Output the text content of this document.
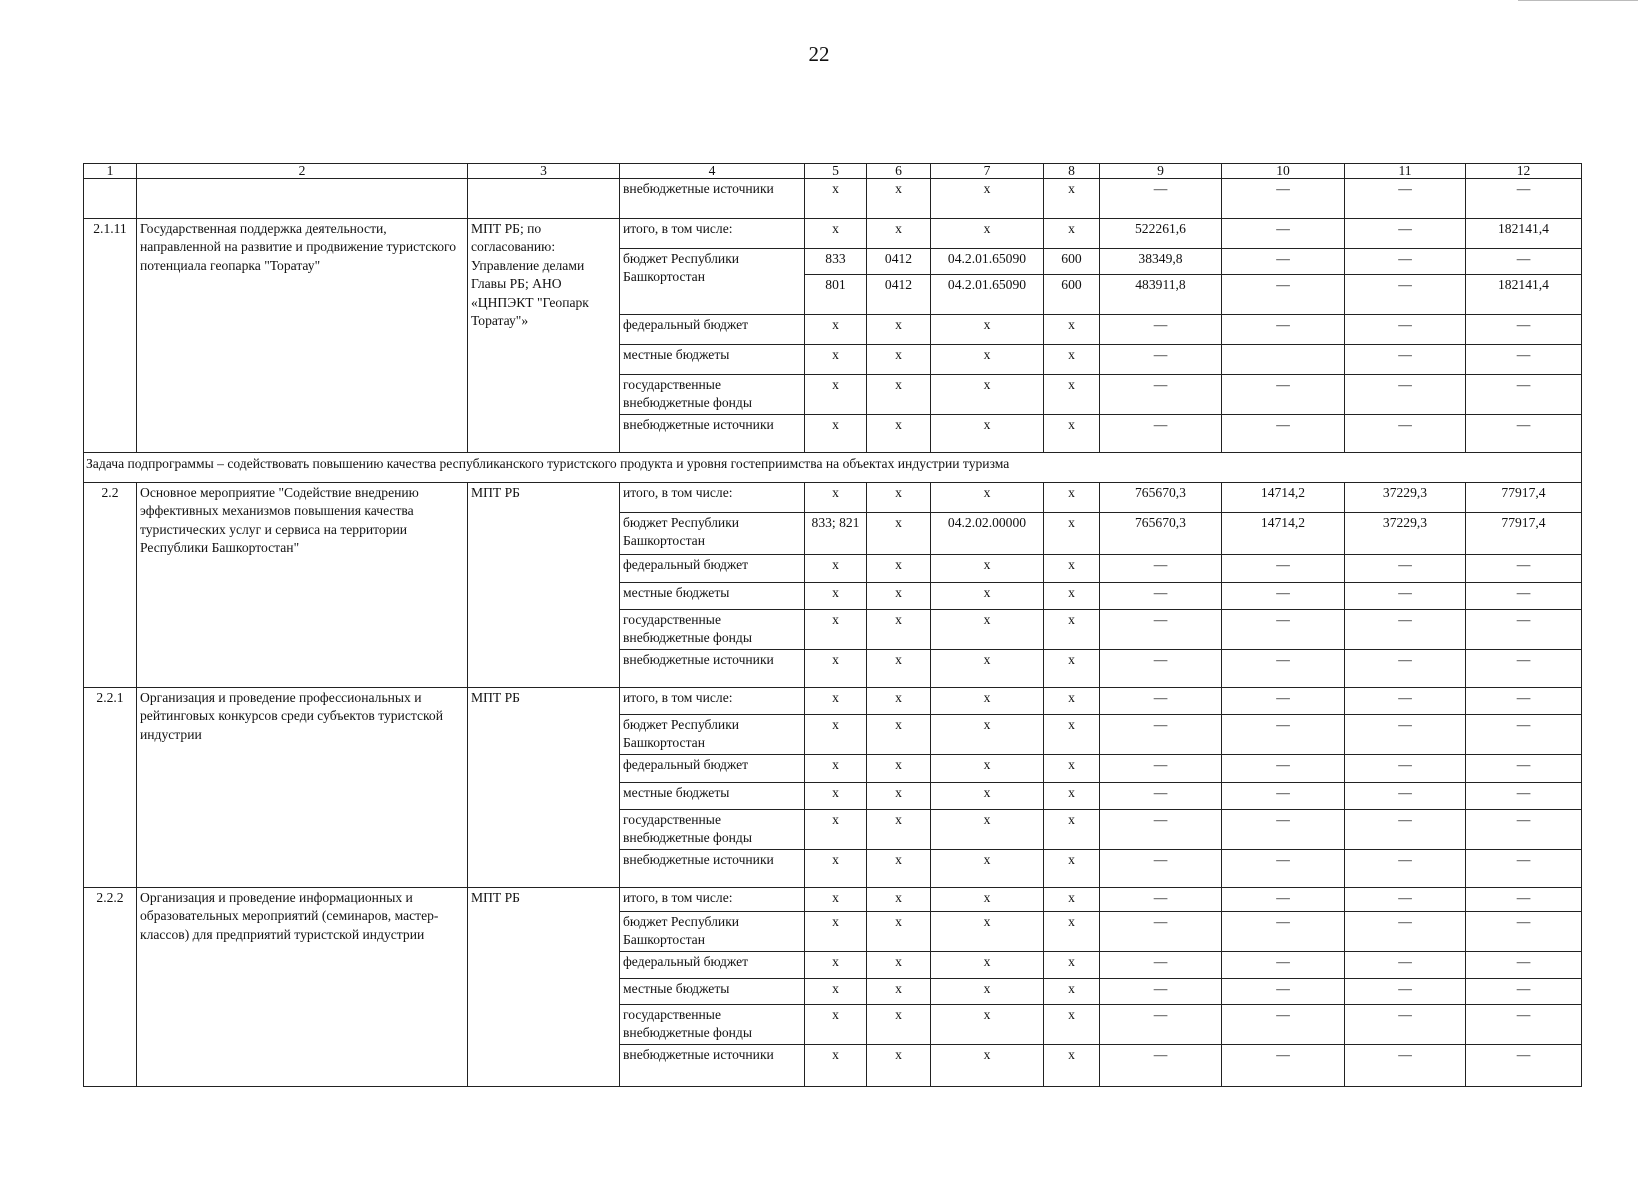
22
1	2	3	4	5	6	7	8	9	10	11	12
			внебюджетные источники	х	х	х	х	—	—	—	—
2.1.11	Государственная поддержка деятельности, направленной на развитие и продвижение туристского потенциала геопарка "Торатау"	МПТ РБ; по согласованию: Управление делами Главы РБ; АНО «ЦНПЭКТ "Геопарк Торатау"»	итого, в том числе:	х	х	х	х	522261,6	—	—	182141,4
			бюджет Республики Башкортостан	833	0412	04.2.01.65090	600	38349,8	—	—	—
				801	0412	04.2.01.65090	600	483911,8	—	—	182141,4
			федеральный бюджет	х	х	х	х	—	—	—	—
			местные бюджеты	х	х	х	х	—		—	—
			государственные внебюджетные фонды	х	х	х	х	—	—	—	—
			внебюджетные источники	х	х	х	х	—	—	—	—
Задача подпрограммы – содействовать повышению качества республиканского туристского продукта и уровня гостеприимства на объектах индустрии туризма											
2.2	Основное мероприятие "Содействие внедрению эффективных механизмов повышения качества туристических услуг и сервиса на территории Республики Башкортостан"	МПТ РБ	итого, в том числе:	х	х	х	х	765670,3	14714,2	37229,3	77917,4
			бюджет Республики Башкортостан	833; 821	х	04.2.02.00000	х	765670,3	14714,2	37229,3	77917,4
			федеральный бюджет	х	х	х	х	—	—	—	—
			местные бюджеты	х	х	х	х	—	—	—	—
			государственные внебюджетные фонды	х	х	х	х	—	—	—	—
			внебюджетные источники	х	х	х	х	—	—	—	—
2.2.1	Организация и проведение профессиональных и рейтинговых конкурсов среди субъектов туристской индустрии	МПТ РБ	итого, в том числе:	х	х	х	х	—	—	—	—
			бюджет Республики Башкортостан	х	х	х	х	—	—	—	—
			федеральный бюджет	х	х	х	х	—	—	—	—
			местные бюджеты	х	х	х	х	—	—	—	—
			государственные внебюджетные фонды	х	х	х	х	—	—	—	—
			внебюджетные источники	х	х	х	х	—	—	—	—
2.2.2	Организация и проведение информационных и образовательных мероприятий (семинаров, мастер-классов) для предприятий туристской индустрии	МПТ РБ	итого, в том числе:	х	х	х	х	—	—	—	—
			бюджет Республики Башкортостан	х	х	х	х	—	—	—	—
			федеральный бюджет	х	х	х	х	—	—	—	—
			местные бюджеты	х	х	х	х	—	—	—	—
			государственные внебюджетные фонды	х	х	х	х	—	—	—	—
			внебюджетные источники	х	х	х	х	—	—	—	—
